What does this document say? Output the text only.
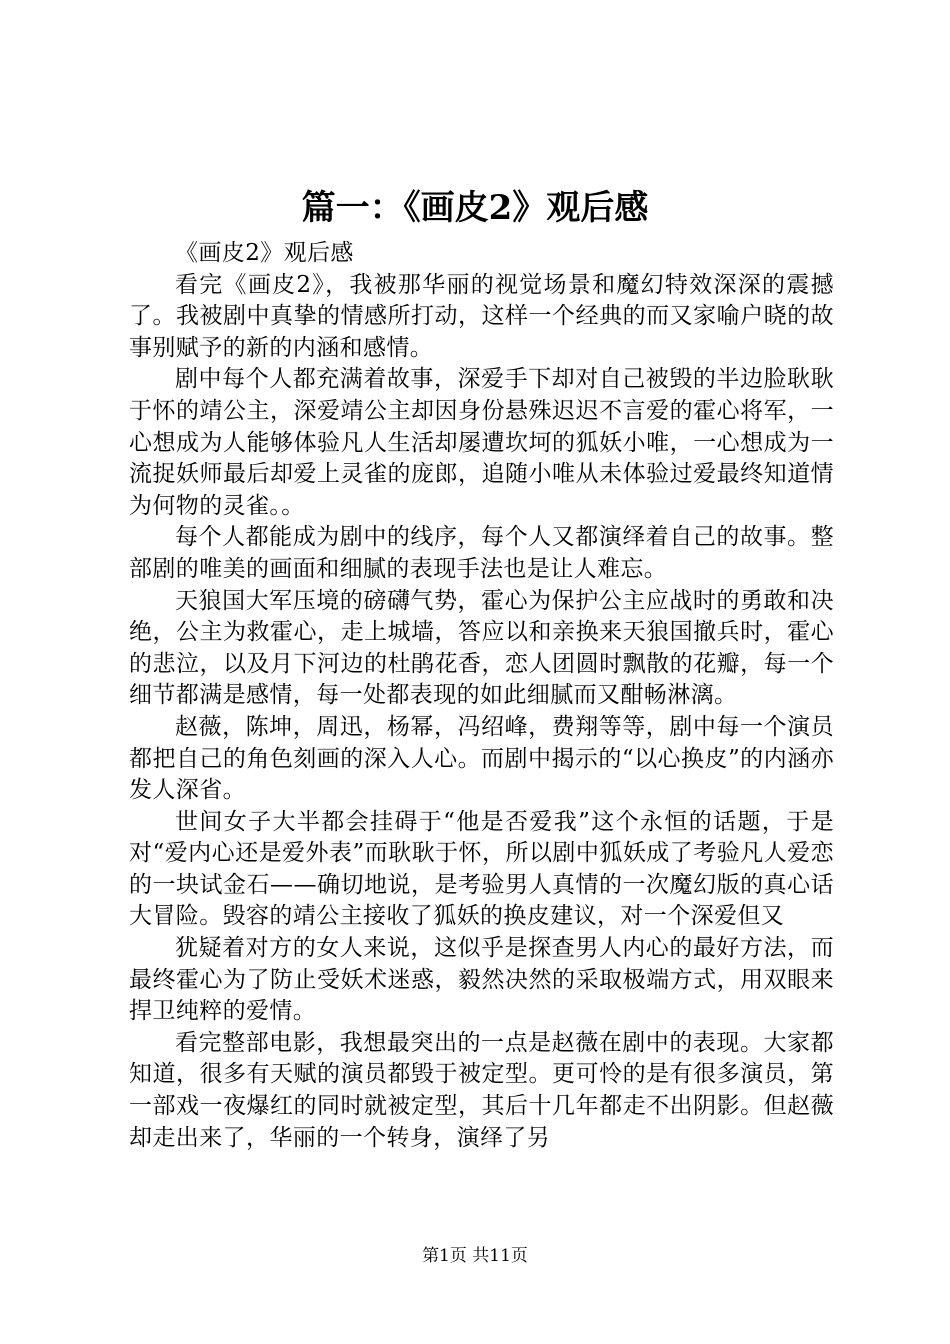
篇一：《画皮2》观后感

《画皮2》观后感

看完《画皮2》，我被那华丽的视觉场景和魔幻特效深深的震撼了。我被剧中真挚的情感所打动，这样一个经典的而又家喻户晓的故事别赋予的新的内涵和感情。

剧中每个人都充满着故事，深爱手下却对自己被毁的半边脸耿耿于怀的靖公主，深爱靖公主却因身份悬殊迟迟不言爱的霍心将军，一心想成为人能够体验凡人生活却屡遭坎坷的狐妖小唯，一心想成为一流捉妖师最后却爱上灵雀的庞郎，追随小唯从未体验过爱最终知道情为何物的灵雀。。

每个人都能成为剧中的线序，每个人又都演绎着自己的故事。整部剧的唯美的画面和细腻的表现手法也是让人难忘。

天狼国大军压境的磅礴气势，霍心为保护公主应战时的勇敢和决绝，公主为救霍心，走上城墙，答应以和亲换来天狼国撤兵时，霍心的悲泣，以及月下河边的杜鹃花香，恋人团圆时飘散的花瓣，每一个细节都满是感情，每一处都表现的如此细腻而又酣畅淋漓。

赵薇，陈坤，周迅，杨幂，冯绍峰，费翔等等，剧中每一个演员都把自己的角色刻画的深入人心。而剧中揭示的“以心换皮”的内涵亦发人深省。

世间女子大半都会挂碍于“他是否爱我”这个永恒的话题，于是对“爱内心还是爱外表”而耿耿于怀，所以剧中狐妖成了考验凡人爱恋的一块试金石——确切地说，是考验男人真情的一次魔幻版的真心话大冒险。毁容的靖公主接收了狐妖的换皮建议，对一个深爱但又

犹疑着对方的女人来说，这似乎是探查男人内心的最好方法，而最终霍心为了防止受妖术迷惑，毅然决然的采取极端方式，用双眼来捍卫纯粹的爱情。

看完整部电影，我想最突出的一点是赵薇在剧中的表现。大家都知道，很多有天赋的演员都毁于被定型。更可怜的是有很多演员，第一部戏一夜爆红的同时就被定型，其后十几年都走不出阴影。但赵薇却走出来了，华丽的一个转身，演绎了另

第1页 共11页
